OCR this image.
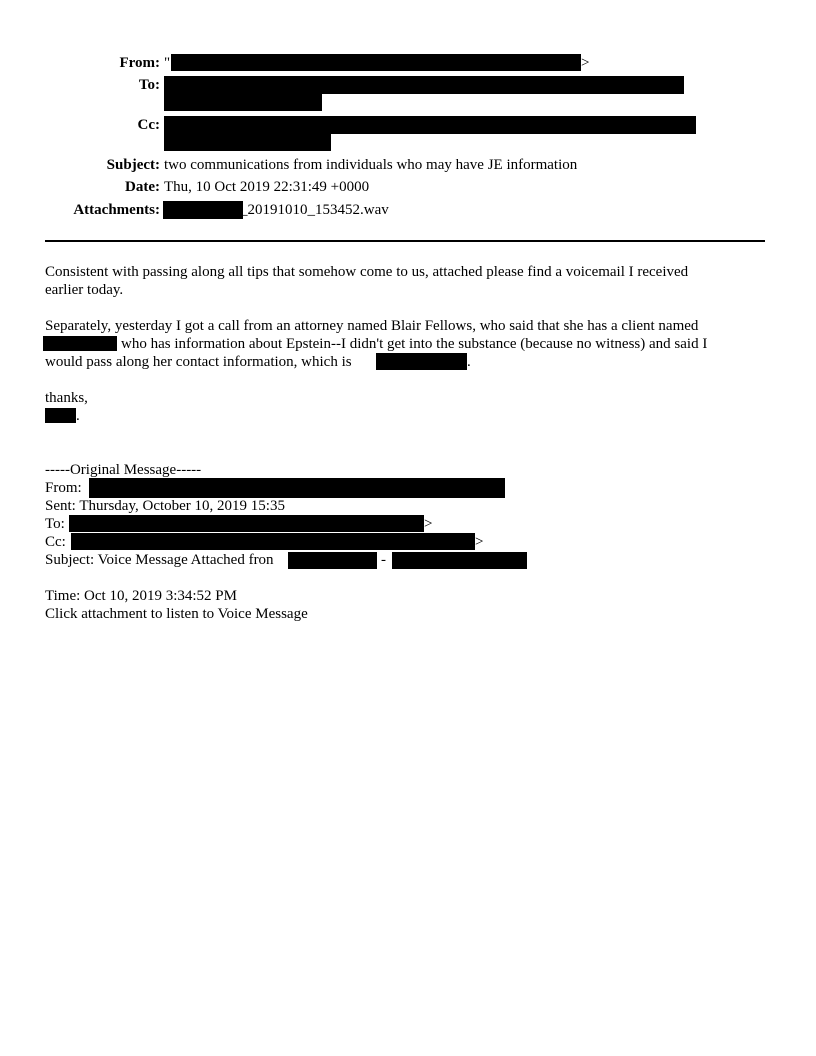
From: "	>
To:
Cc:
Subject: two communications from individuals who may have JE information
Date: Thu, 10 Oct 2019 22:31:49 +0000
Attachments:	_20191010_153452.wav
Consistent with passing along all tips that somehow come to us, attached please find a voicemail I received
earlier today.
Separately, yesterday I got a call from an attorney named Blair Fellows, who said that she has a client named
who has information about Epstein--I didn't get into the substance (because no witness) and said I
would pass along her contact information, which is	.
thanks,
.
-----Original Message-----
From:
Sent: Thursday, October 10, 2019 15:35
To:	>
Cc:	>
Subject: Voice Message Attached fron	-
Time: Oct 10, 2019 3:34:52 PM
Click attachment to listen to Voice Message
